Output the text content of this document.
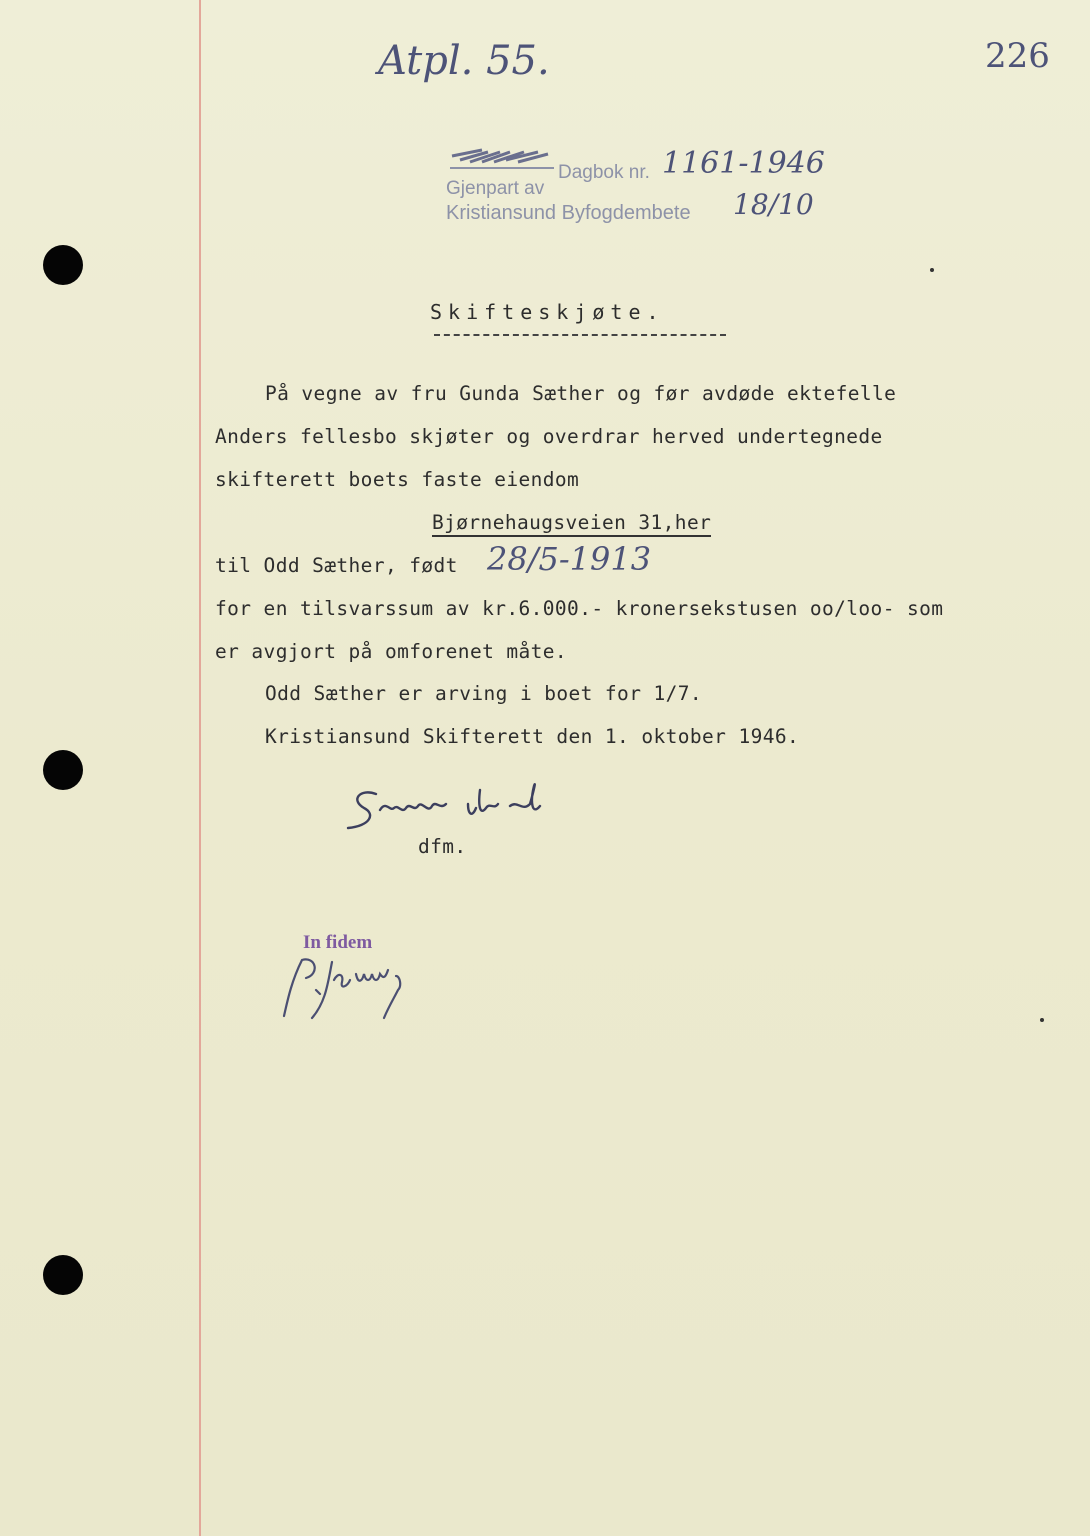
Atpl. 55.	226
Dagbok nr. 1161-1946
Gjenpart av
Kristiansund Byfogdembete 18/10
Skifteskjøte.
På vegne av fru Gunda Sæther og før avdøde ektefelle
Anders fellesbo skjøter og overdrar herved undertegnede
skifterett boets faste eiendom
Bjørnehaugsveien 31,her
til Odd Sæther, født 28/5-1913
for en tilsvarssum av kr.6.000.- kronersekstusen oo/loo- som
er avgjort på omforenet måte.
Odd Sæther er arving i boet for 1/7.
Kristiansund Skifterett den 1. oktober 1946.
dfm.
In fidem
